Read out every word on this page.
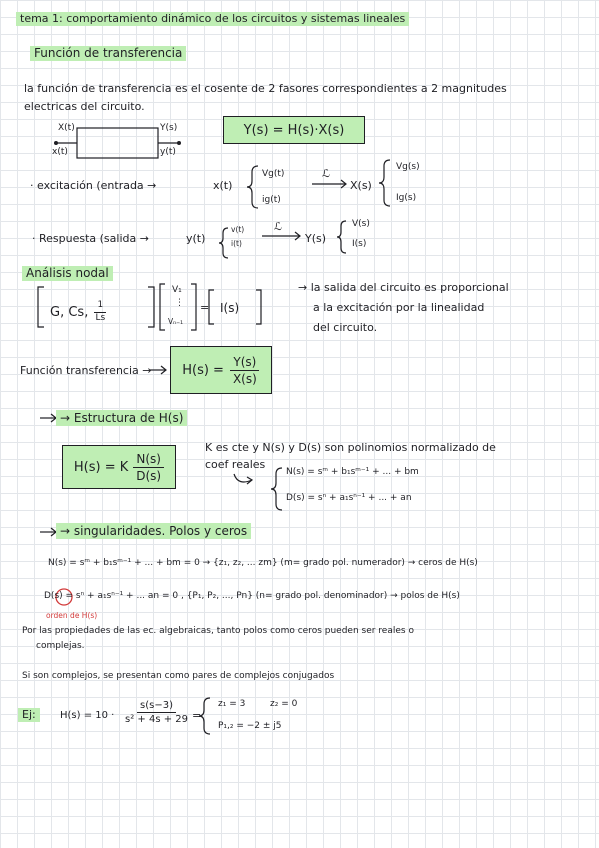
tema 1: comportamiento dinámico de los circuitos y sistemas lineales
Función de transferencia
la función de transferencia es el cosente de 2 fasores correspondientes a 2 magnitudes
electricas del circuito.
X(t)
x(t)
Y(s)
y(t)
Y(s) = H(s)·X(s)
· excitación (entrada →	x(t)
Vg(t)
ig(t)
ℒ
X(s)
Vg(s)
Ig(s)
· Respuesta (salida →	y(t)
v(t)
i(t)
ℒ
Y(s)
V(s)
I(s)
Análisis nodal
G, Cs, $\frac{1}{Ls}$
V₁
⋮
Vₙ₋₁
= I(s)
→ la salida del circuito es proporcional
a la excitación por la linealidad
del circuito.
Función transferencia → $H(s) = \frac{Y(s)}{X(s)}$
→ Estructura de H(s)
H(s) = K $\frac{N(s)}{D(s)}$
K es cte y N(s) y D(s) son polinomios normalizado de
coef reales
N(s) = sᵐ + b₁sᵐ⁻¹ + ... + bm
D(s) = sⁿ + a₁sⁿ⁻¹ + ... + an
→ singularidades. Polos y ceros
N(s) = sᵐ + b₁sᵐ⁻¹ + ... + bm = 0 → {z₁, z₂, ... zm} (m= grado pol. numerador) → ceros de H(s)
D(s) = sⁿ + a₁sⁿ⁻¹ + ... an = 0 , {P₁, P₂, ..., Pn} (n= grado pol. denominador) → polos de H(s)
orden de H(s)
Por las propiedades de las ec. algebraicas, tanto polos como ceros pueden ser reales o
complejas.
Si son complejos, se presentan como pares de complejos conjugados
Ej:	$H(s) = 10 \cdot \frac{s(s-3)}{\text{s² + 4s + 29}}$ =
z₁ = 3	z₂ = 0
P₁,₂ = −2 ± j5
